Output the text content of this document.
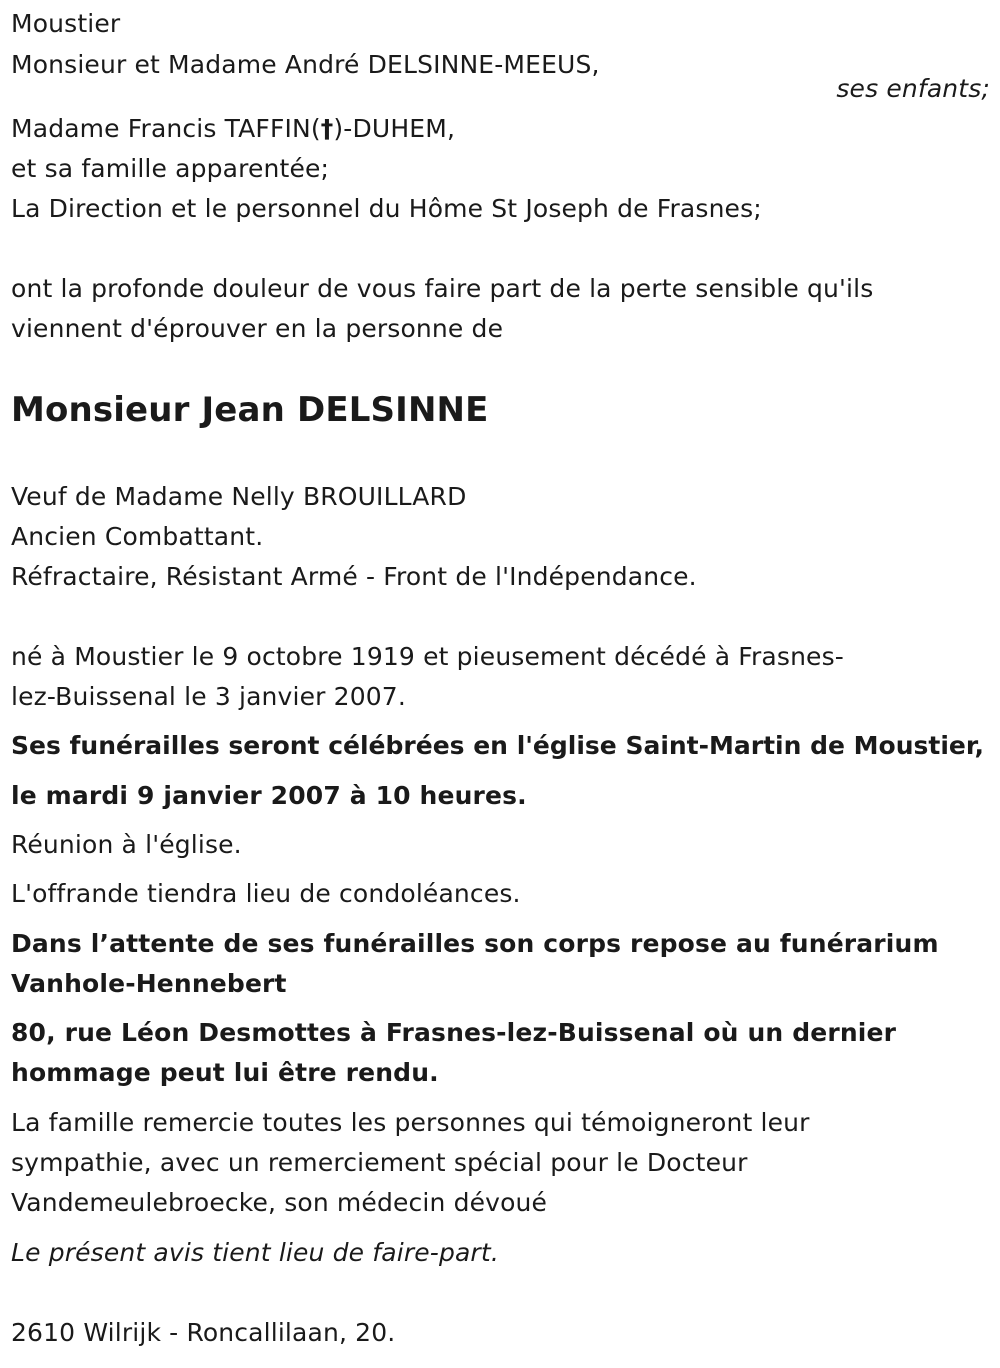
Moustier
Monsieur et Madame André DELSINNE-MEEUS,
ses enfants;
Madame Francis TAFFIN(†)-DUHEM,
et sa famille apparentée;
La Direction et le personnel du Hôme St Joseph de Frasnes;
ont la profonde douleur de vous faire part de la perte sensible qu'ils
viennent d'éprouver en la personne de
Monsieur Jean DELSINNE
Veuf de Madame Nelly BROUILLARD
Ancien Combattant.
Réfractaire, Résistant Armé - Front de l'Indépendance.
né à Moustier le 9 octobre 1919 et pieusement décédé à Frasnes-
lez-Buissenal le 3 janvier 2007.
Ses funérailles seront célébrées en l'église Saint-Martin de Moustier,
le mardi 9 janvier 2007 à 10 heures.
Réunion à l'église.
L'offrande tiendra lieu de condoléances.
Dans l’attente de ses funérailles son corps repose au funérarium
Vanhole-Hennebert
80, rue Léon Desmottes à Frasnes-lez-Buissenal où un dernier
hommage peut lui être rendu.
La famille remercie toutes les personnes qui témoigneront leur
sympathie, avec un remerciement spécial pour le Docteur
Vandemeulebroecke, son médecin dévoué
Le présent avis tient lieu de faire-part.
2610 Wilrijk - Roncallilaan, 20.
